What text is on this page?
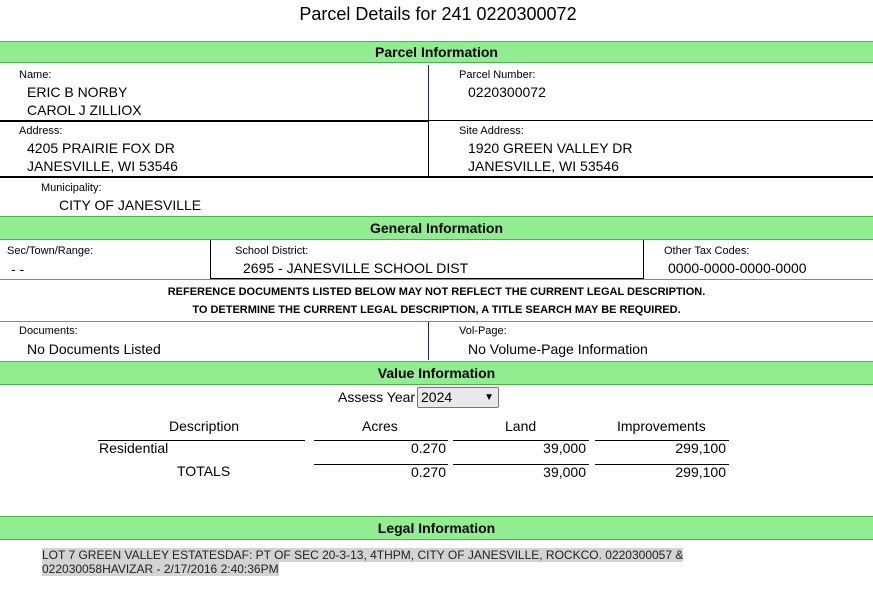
Parcel Details for 241 0220300072
Parcel Information
Name:
ERIC B NORBY
CAROL J ZILLIOX
Parcel Number:
0220300072
Address:
4205 PRAIRIE FOX DR
JANESVILLE, WI 53546
Site Address:
1920 GREEN VALLEY DR
JANESVILLE, WI 53546
Municipality:
CITY OF JANESVILLE
General Information
Sec/Town/Range:
- -
School District:
2695 - JANESVILLE SCHOOL DIST
Other Tax Codes:
0000-0000-0000-0000
REFERENCE DOCUMENTS LISTED BELOW MAY NOT REFLECT THE CURRENT LEGAL DESCRIPTION.
TO DETERMINE THE CURRENT LEGAL DESCRIPTION, A TITLE SEARCH MAY BE REQUIRED.
Documents:
No Documents Listed
Vol-Page:
No Volume-Page Information
Value Information
Assess Year 2024	▼
Description	Acres	Land	Improvements
Residential	0.270	39,000	299,100
TOTALS	0.270	39,000	299,100
Legal Information
LOT 7 GREEN VALLEY ESTATESDAF: PT OF SEC 20-3-13, 4THPM, CITY OF JANESVILLE, ROCKCO. 0220300057 & 022030058HAVIZAR - 2/17/2016 2:40:36PM
